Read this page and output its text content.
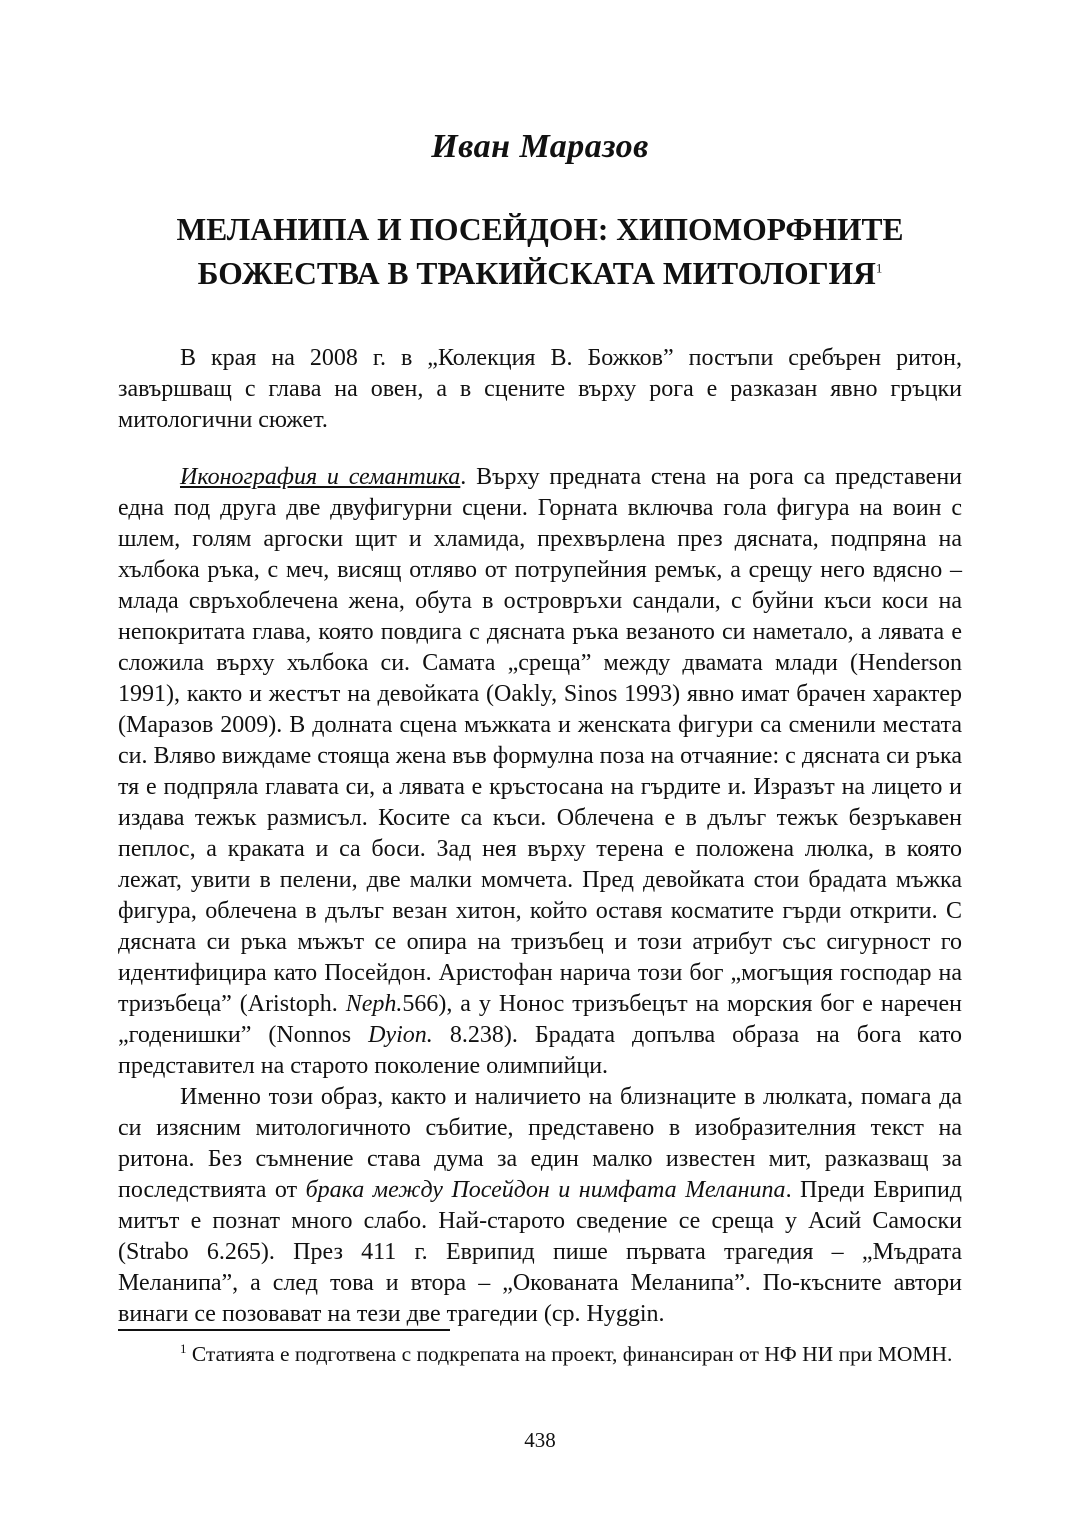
Иван Маразов
МЕЛАНИПА И ПОСЕЙДОН: ХИПОМОРФНИТЕ БОЖЕСТВА В ТРАКИЙСКАТА МИТОЛОГИЯ$^1$

В края на 2008 г. в „Колекция В. Божков” постъпи сребърен ритон, завършващ с глава на овен, а в сцените върху рога е разказан явно гръцки митологични сюжет.

Иконография и семантика. Върху предната стена на рога са представени една под друга две двуфигурни сцени. Горната включва гола фигура на воин с шлем, голям аргоски щит и хламида, прехвърлена през дясната, подпряна на хълбока ръка, с меч, висящ отляво от потрупейния ремък, а срещу него вдясно – млада свръхоблечена жена, обута в островръхи сандали, с буйни къси коси на непокритата глава, която повдига с дясната ръка везаното си наметало, а лявата е сложила върху хълбока си. Самата „среща” между двамата млади (Henderson 1991), както и жестът на девойката (Oakly, Sinos 1993) явно имат брачен характер (Маразов 2009). В долната сцена мъжката и женската фигури са сменили местата си. Вляво виждаме стояща жена във формулна поза на отчаяние: с дясната си ръка тя е подпряла главата си, а лявата е кръстосана на гърдите и. Изразът на лицето и издава тежък размисъл. Косите са къси. Облечена е в дълъг тежък безръкавен пеплос, а краката и са боси. Зад нея върху терена е положена люлка, в която лежат, увити в пелени, две малки момчета. Пред девойката стои брадата мъжка фигура, облечена в дълъг везан хитон, който оставя косматите гърди открити. С дясната си ръка мъжът се опира на тризъбец и този атрибут със сигурност го идентифицира като Посейдон. Аристофан нарича този бог „могъщия господар на тризъбеца” (Aristoph. Neph.566), а у Нонос тризъбецът на морския бог е наречен „годенишки” (Nonnos Dyion. 8.238). Брадата допълва образа на бога като представител на старото поколение олимпийци.

Именно този образ, както и наличието на близнаците в люлката, помага да си изясним митологичното събитие, представено в изобразителния текст на ритона. Без съмнение става дума за един малко известен мит, разказващ за последствията от брака между Посейдон и нимфата Меланипа. Преди Еврипид митът е познат много слабо. Най-старото сведение се среща у Асий Самоски (Strabo 6.265). През 411 г. Еврипид пише първата трагедия – „Мъдрата Меланипа”, а след това и втора – „Окованата Меланипа”. По-късните автори винаги се позовават на тези две трагедии (ср. Hyggin.

$^1$ Статията е подготвена с подкрепата на проект, финансиран от НФ НИ при МОМН.
438
